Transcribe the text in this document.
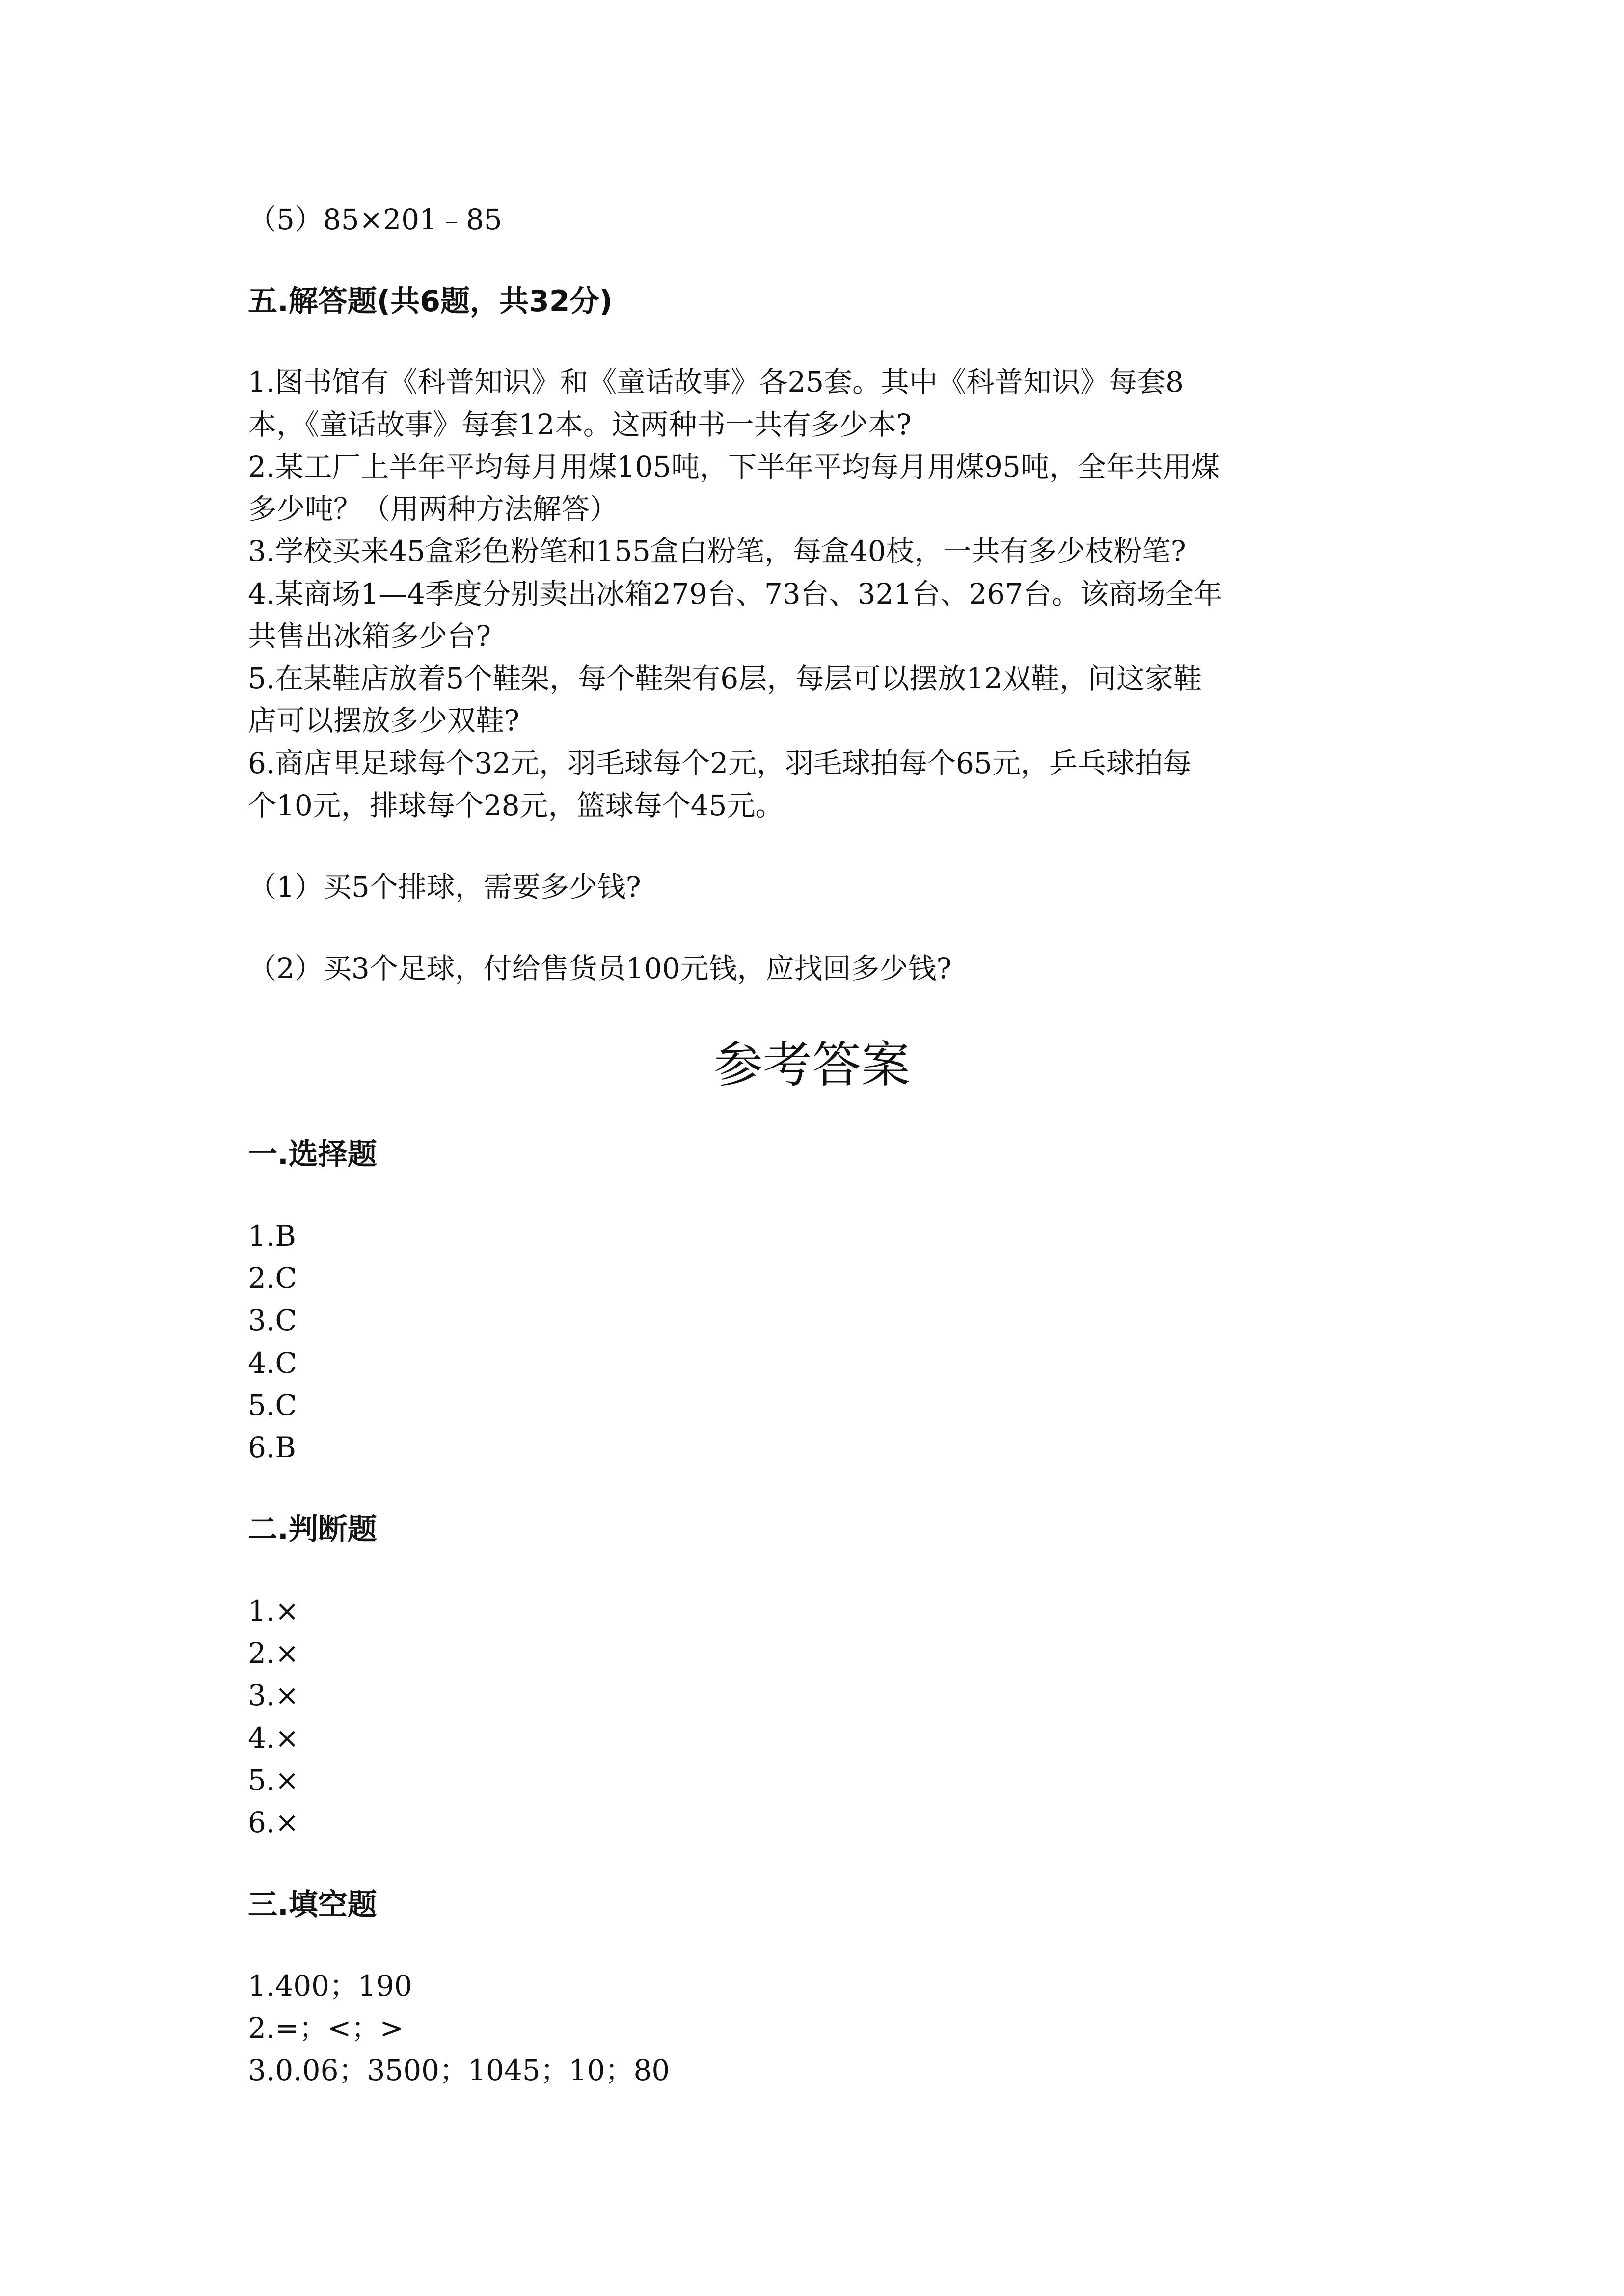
（5）85×201﹣85
五.解答题(共6题，共32分)
1.图书馆有《科普知识》和《童话故事》各25套。其中《科普知识》每套8
本，《童话故事》每套12本。这两种书一共有多少本?
2.某工厂上半年平均每月用煤105吨，下半年平均每月用煤95吨，全年共用煤
多少吨？（用两种方法解答）
3.学校买来45盒彩色粉笔和155盒白粉笔，每盒40枝，一共有多少枝粉笔?
4.某商场1—4季度分别卖出冰箱279台、73台、321台、267台。该商场全年
共售出冰箱多少台?
5.在某鞋店放着5个鞋架，每个鞋架有6层，每层可以摆放12双鞋，问这家鞋
店可以摆放多少双鞋?
6.商店里足球每个32元，羽毛球每个2元，羽毛球拍每个65元，乒乓球拍每
个10元，排球每个28元，篮球每个45元。
（1）买5个排球，需要多少钱?
（2）买3个足球，付给售货员100元钱，应找回多少钱?
参考答案
一.选择题
1.B
2.C
3.C
4.C
5.C
6.B
二.判断题
1.×
2.×
3.×
4.×
5.×
6.×
三.填空题
1.400；190
2.=；<；>
3.0.06；3500；1045；10；80
